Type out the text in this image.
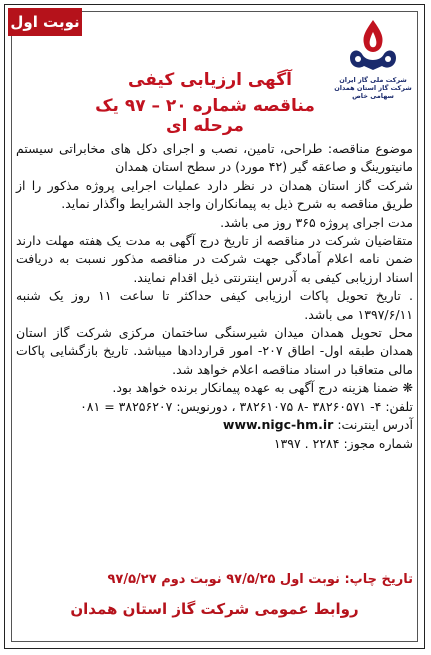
نوبت اول
شرکت ملی گاز ایران
شرکت گاز استان همدان
سهامی خاص
آگهی ارزیابی کیفی
مناقصه شماره ۲۰ – ۹۷ یک مرحله ای

موضوع مناقصه: طراحی، تامین، نصب و اجرای دکل های مخابراتی سیستم مانیتورینگ و صاعقه گیر (۴۲ مورد) در سطح استان همدان

شرکت گاز استان همدان در نظر دارد عملیات اجرایی پروژه مذکور را از طریق مناقصه به شرح ذیل به پیمانکاران واجد الشرایط واگذار نماید.

مدت اجرای پروژه ۳۶۵ روز می باشد.

متقاضیان شرکت در مناقصه از تاریخ درج آگهی به مدت یک هفته مهلت دارند ضمن نامه اعلام آمادگی جهت شرکت در مناقصه مذکور نسبت به دریافت اسناد ارزیابی کیفی به آدرس اینترنتی ذیل اقدام نمایند.

. تاریخ تحویل پاکات ارزیابی کیفی حداکثر تا ساعت ۱۱ روز یک شنبه ۱۳۹۷/۶/۱۱ می باشد.

محل تحویل همدان میدان شیرسنگی ساختمان مرکزی شرکت گاز استان همدان طبقه اول- اطاق ۲۰۷- امور قراردادها میباشد. تاریخ بازگشایی پاکات مالی متعاقبا در اسناد مناقصه اعلام خواهد شد.

❋ ضمنا هزینه درج آگهی به عهده پیمانکار برنده خواهد بود.

تلفن: ۴- ۳۸۲۶۰۵۷۱ -۸ ۳۸۲۶۱۰۷۵ ، دورنویس: ۳۸۲۵۶۲۰۷ = ۰۸۱

آدرس اینترنت: www.nigc-hm.ir

شماره مجوز: ۲۲۸۴ . ۱۳۹۷

تاریخ چاپ: نوبت اول ۹۷/۵/۲۵ نوبت دوم ۹۷/۵/۲۷
روابط عمومی شرکت گاز استان همدان
